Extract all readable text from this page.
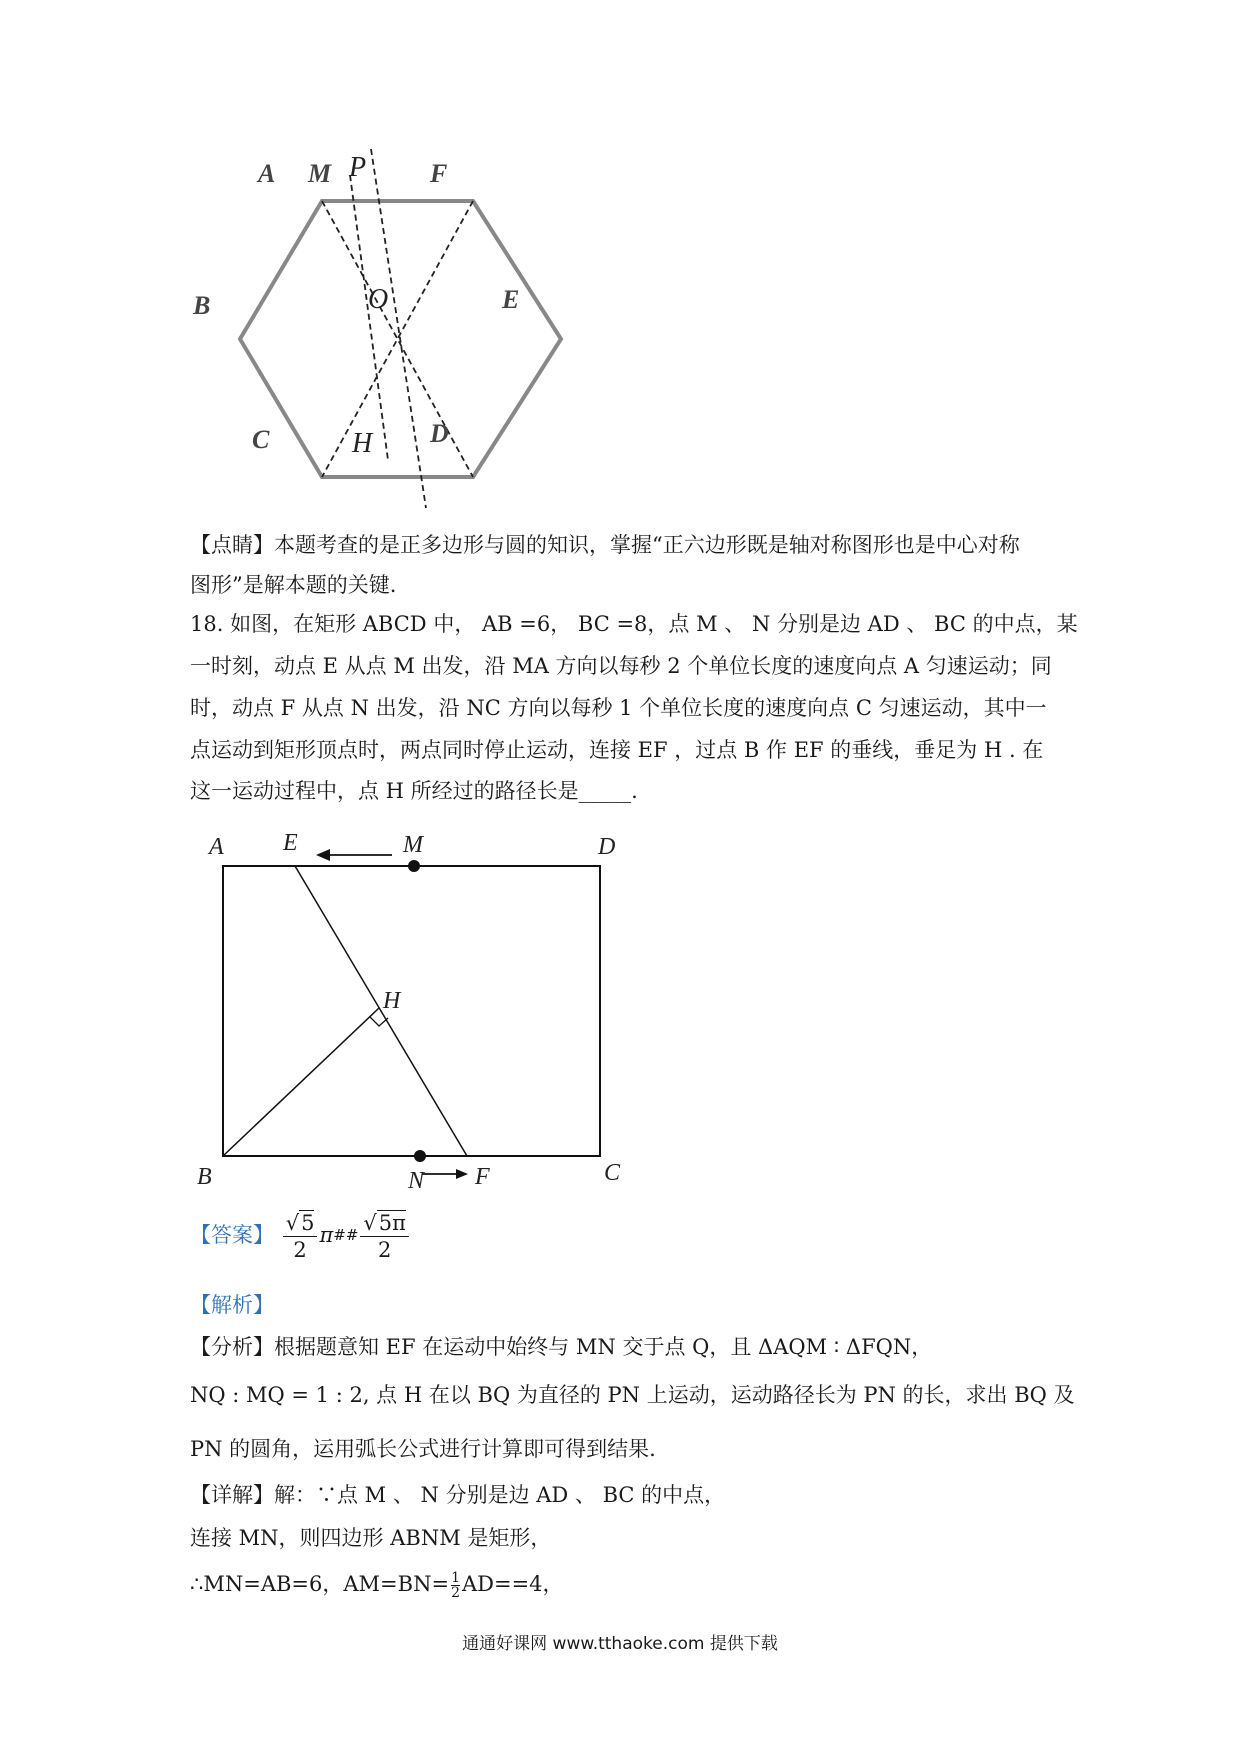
A M P F
B	O	E
C	H D
【点睛】本题考查的是正多边形与圆的知识，掌握“正六边形既是轴对称图形也是中心对称
图形”是解本题的关键.
18. 如图，在矩形 ABCD 中， AB =6， BC =8，点 M 、 N 分别是边 AD 、 BC 的中点，某
一时刻，动点 E 从点 M 出发，沿 MA 方向以每秒 2 个单位长度的速度向点 A 匀速运动；同
时，动点 F 从点 N 出发，沿 NC 方向以每秒 1 个单位长度的速度向点 C 匀速运动，其中一
点运动到矩形顶点时，两点同时停止运动，连接 EF ，过点 B 作 EF 的垂线，垂足为 H . 在
这一运动过程中，点 H 所经过的路径长是_____.
A E	M	D
H
B	N F	C
【答案】 $\frac{√5}{2} \pi^{\#\#} \frac{√5\pi}{2}$
【解析】
【分析】根据题意知 EF 在运动中始终与 MN 交于点 Q，且 ΔAQM ∶ ΔFQN，
NQ : MQ = 1 : 2, 点 H 在以 BQ 为直径的 PN 上运动，运动路径长为 PN 的长，求出 BQ 及
PN 的圆角，运用弧长公式进行计算即可得到结果.
【详解】解：∵点 M 、 N 分别是边 AD 、 BC 的中点，
连接 MN，则四边形 ABNM 是矩形，
∴MN=AB=6，$AM=BN= \frac{1}{2} AD==4$，
通通好课网 www.tthaoke.com 提供下载
